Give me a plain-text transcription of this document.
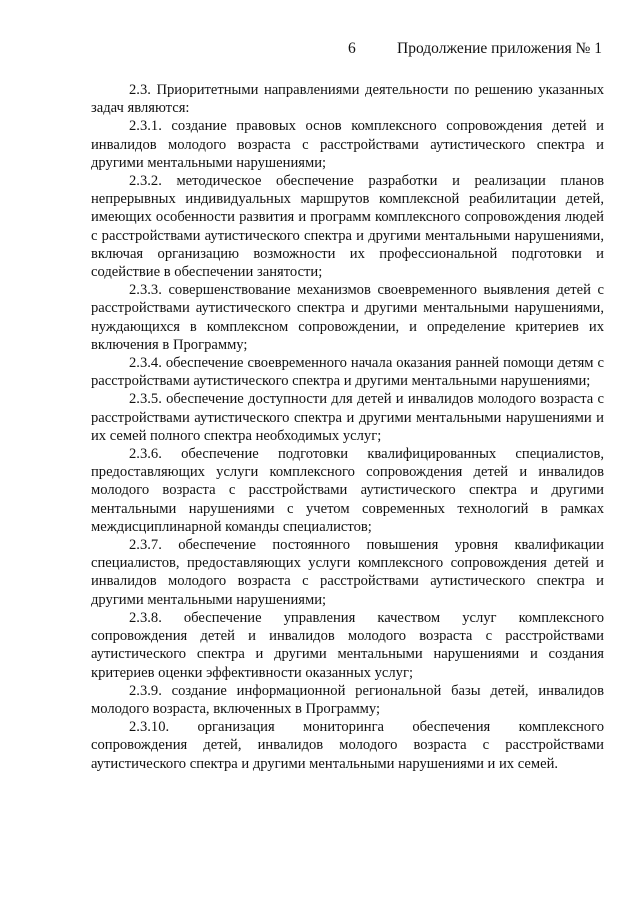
6	Продолжение приложения № 1

2.3. Приоритетными направлениями деятельности по решению указанных задач являются:

2.3.1. создание правовых основ комплексного сопровождения детей и инвалидов молодого возраста с расстройствами аутистического спектра и другими ментальными нарушениями;

2.3.2. методическое обеспечение разработки и реализации планов непрерывных индивидуальных маршрутов комплексной реабилитации детей, имеющих особенности развития и программ комплексного сопровождения людей с расстройствами аутистического спектра и другими ментальными нарушениями, включая организацию возможности их профессиональной подготовки и содействие в обеспечении занятости;

2.3.3. совершенствование механизмов своевременного выявления детей с расстройствами аутистического спектра и другими ментальными нарушениями, нуждающихся в комплексном сопровождении, и определение критериев их включения в Программу;

2.3.4. обеспечение своевременного начала оказания ранней помощи детям с расстройствами аутистического спектра и другими ментальными нарушениями;

2.3.5. обеспечение доступности для детей и инвалидов молодого возраста с расстройствами аутистического спектра и другими ментальными нарушениями и их семей полного спектра необходимых услуг;

2.3.6. обеспечение подготовки квалифицированных специалистов, предоставляющих услуги комплексного сопровождения детей и инвалидов молодого возраста с расстройствами аутистического спектра и другими ментальными нарушениями с учетом современных технологий в рамках междисциплинарной команды специалистов;

2.3.7. обеспечение постоянного повышения уровня квалификации специалистов, предоставляющих услуги комплексного сопровождения детей и инвалидов молодого возраста с расстройствами аутистического спектра и другими ментальными нарушениями;

2.3.8. обеспечение управления качеством услуг комплексного сопровождения детей и инвалидов молодого возраста с расстройствами аутистического спектра и другими ментальными нарушениями и создания критериев оценки эффективности оказанных услуг;

2.3.9. создание информационной региональной базы детей, инвалидов молодого возраста, включенных в Программу;

2.3.10. организация мониторинга обеспечения комплексного сопровождения детей, инвалидов молодого возраста с расстройствами аутистического спектра и другими ментальными нарушениями и их семей.
